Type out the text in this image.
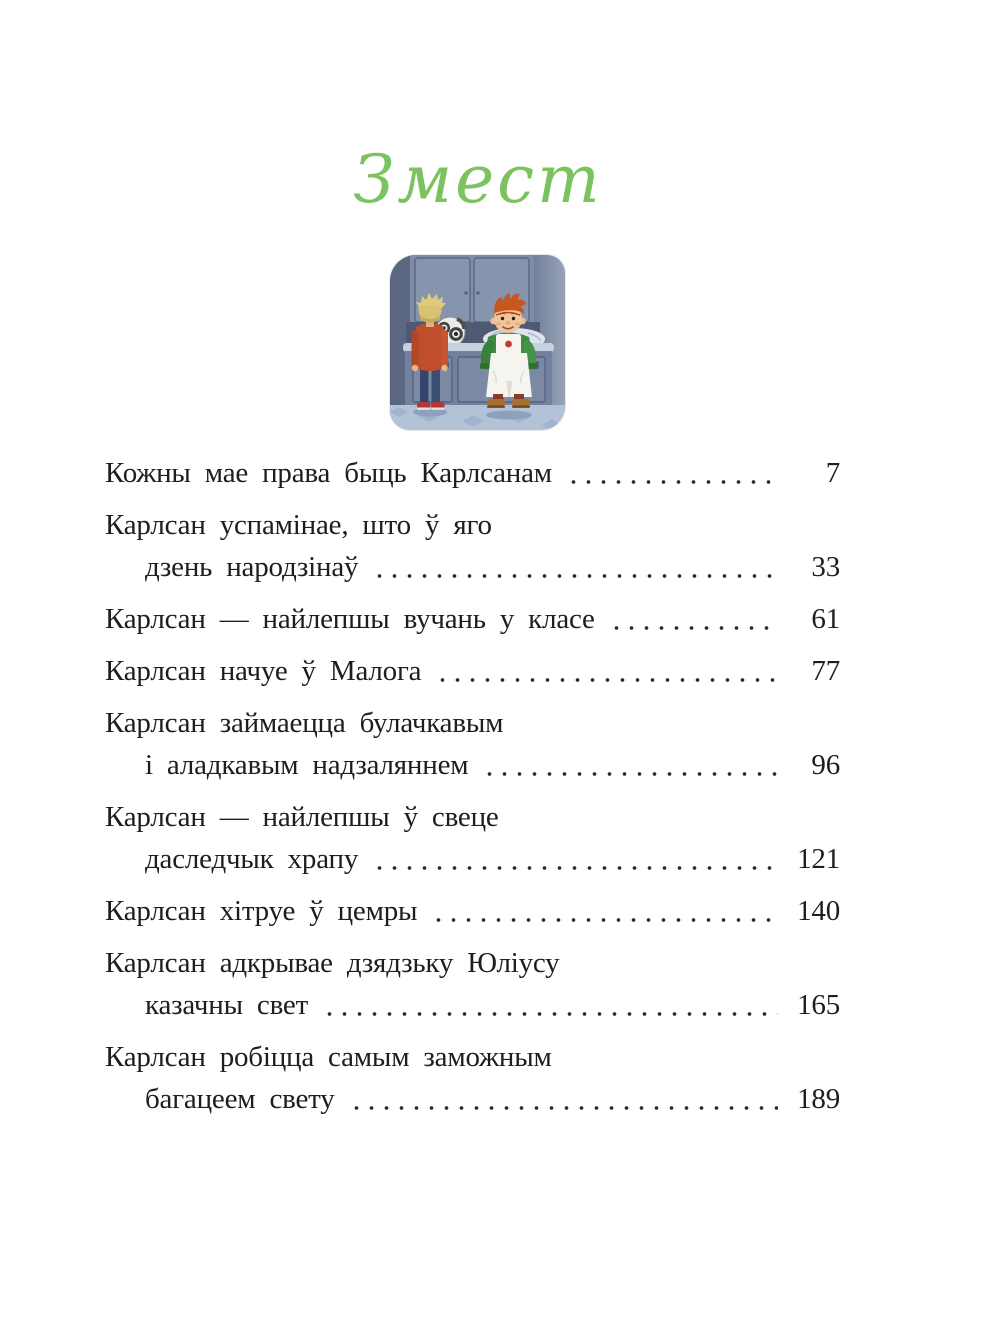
Змест
Кожны мае права быць Карлсанам	7
Карлсан успамінае, што ў яго
дзень народзінаў	33
Карлсан — найлепшы вучань у класе	61
Карлсан начуе ў Малога	77
Карлсан займаецца булачкавым
і аладкавым надзаляннем	96
Карлсан — найлепшы ў свеце
даследчык храпу	121
Карлсан хітруе ў цемры	140
Карлсан адкрывае дзядзьку Юліусу
казачны свет	165
Карлсан робіцца самым заможным
багацеем свету	189
